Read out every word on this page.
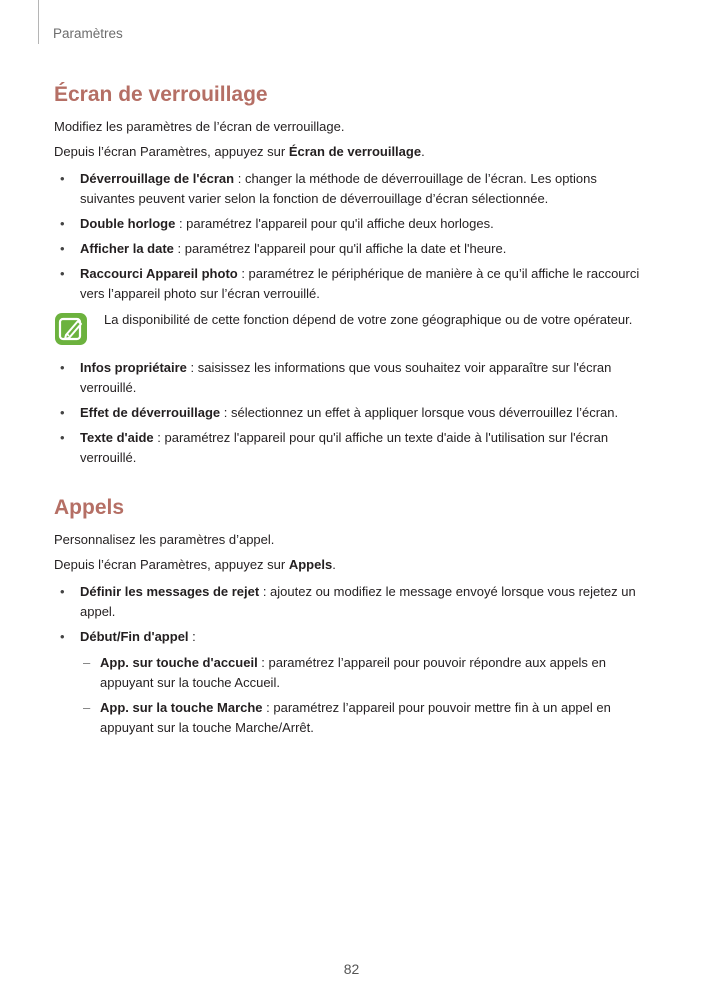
Paramètres
Écran de verrouillage

Modifiez les paramètres de l’écran de verrouillage.

Depuis l’écran Paramètres, appuyez sur Écran de verrouillage.

• Déverrouillage de l'écran : changer la méthode de déverrouillage de l’écran. Les options suivantes peuvent varier selon la fonction de déverrouillage d’écran sélectionnée.
• Double horloge : paramétrez l'appareil pour qu'il affiche deux horloges.
• Afficher la date : paramétrez l'appareil pour qu'il affiche la date et l'heure.
• Raccourci Appareil photo : paramétrez le périphérique de manière à ce qu’il affiche le raccourci vers l’appareil photo sur l’écran verrouillé.
La disponibilité de cette fonction dépend de votre zone géographique ou de votre opérateur.
• Infos propriétaire : saisissez les informations que vous souhaitez voir apparaître sur l'écran verrouillé.
• Effet de déverrouillage : sélectionnez un effet à appliquer lorsque vous déverrouillez l’écran.
• Texte d'aide : paramétrez l'appareil pour qu'il affiche un texte d'aide à l'utilisation sur l'écran verrouillé.
Appels

Personnalisez les paramètres d’appel.

Depuis l’écran Paramètres, appuyez sur Appels.

• Définir les messages de rejet : ajoutez ou modifiez le message envoyé lorsque vous rejetez un appel.
• Début/Fin d'appel :
– App. sur touche d'accueil : paramétrez l’appareil pour pouvoir répondre aux appels en appuyant sur la touche Accueil.
– App. sur la touche Marche : paramétrez l’appareil pour pouvoir mettre fin à un appel en appuyant sur la touche Marche/Arrêt.
82
